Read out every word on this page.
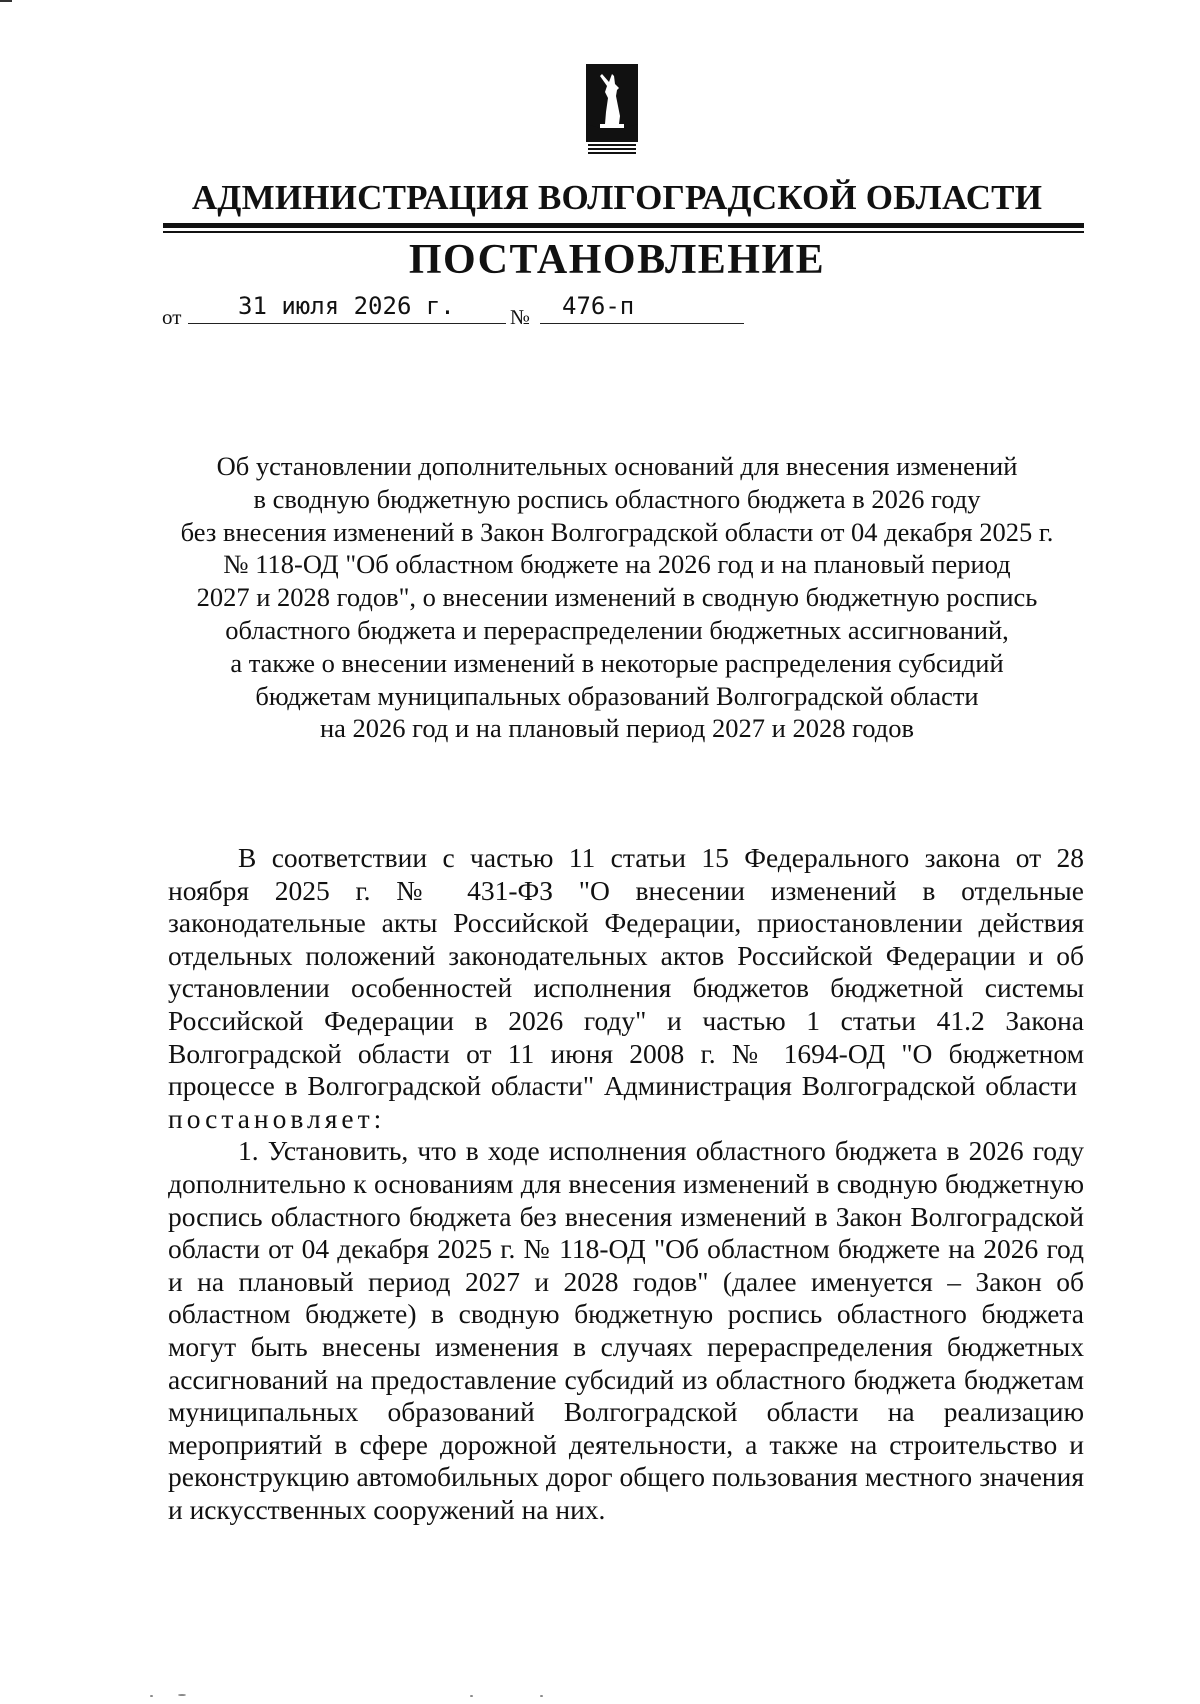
АДМИНИСТРАЦИЯ ВОЛГОГРАДСКОЙ ОБЛАСТИ
ПОСТАНОВЛЕНИЕ
от	31 июля 2026 г.	№	476-п
Об установлении дополнительных оснований для внесения изменений
в сводную бюджетную роспись областного бюджета в 2026 году
без внесения изменений в Закон Волгоградской области от 04 декабря 2025 г.
№ 118-ОД "Об областном бюджете на 2026 год и на плановый период
2027 и 2028 годов", о внесении изменений в сводную бюджетную роспись
областного бюджета и перераспределении бюджетных ассигнований,
а также о внесении изменений в некоторые распределения субсидий
бюджетам муниципальных образований Волгоградской области
на 2026 год и на плановый период 2027 и 2028 годов

В соответствии с частью 11 статьи 15 Федерального закона от 28 ноября 2025 г. № 431-ФЗ "О внесении изменений в отдельные законодательные акты Российской Федерации, приостановлении действия отдельных положений законодательных актов Российской Федерации и об установлении особенностей исполнения бюджетов бюджетной системы Российской Федерации в 2026 году" и частью 1 статьи 41.2 Закона Волгоградской области от 11 июня 2008 г. № 1694-ОД "О бюджетном процессе в Волгоградской области" Администрация Волгоградской области  постановляет:

1. Установить, что в ходе исполнения областного бюджета в 2026 году дополнительно к основаниям для внесения изменений в сводную бюджетную роспись областного бюджета без внесения изменений в Закон Волгоградской области от 04 декабря 2025 г. № 118-ОД "Об областном бюджете на 2026 год и на плановый период 2027 и 2028 годов" (далее именуется – Закон об областном бюджете) в сводную бюджетную роспись областного бюджета могут быть внесены изменения в случаях перераспределения бюджетных ассигнований на предоставление субсидий из областного бюджета бюджетам муниципальных образований Волгоградской области на реализацию мероприятий в сфере дорожной деятельности, а также на строительство и реконструкцию автомобильных дорог общего пользования местного значения и искусственных сооружений на них.
